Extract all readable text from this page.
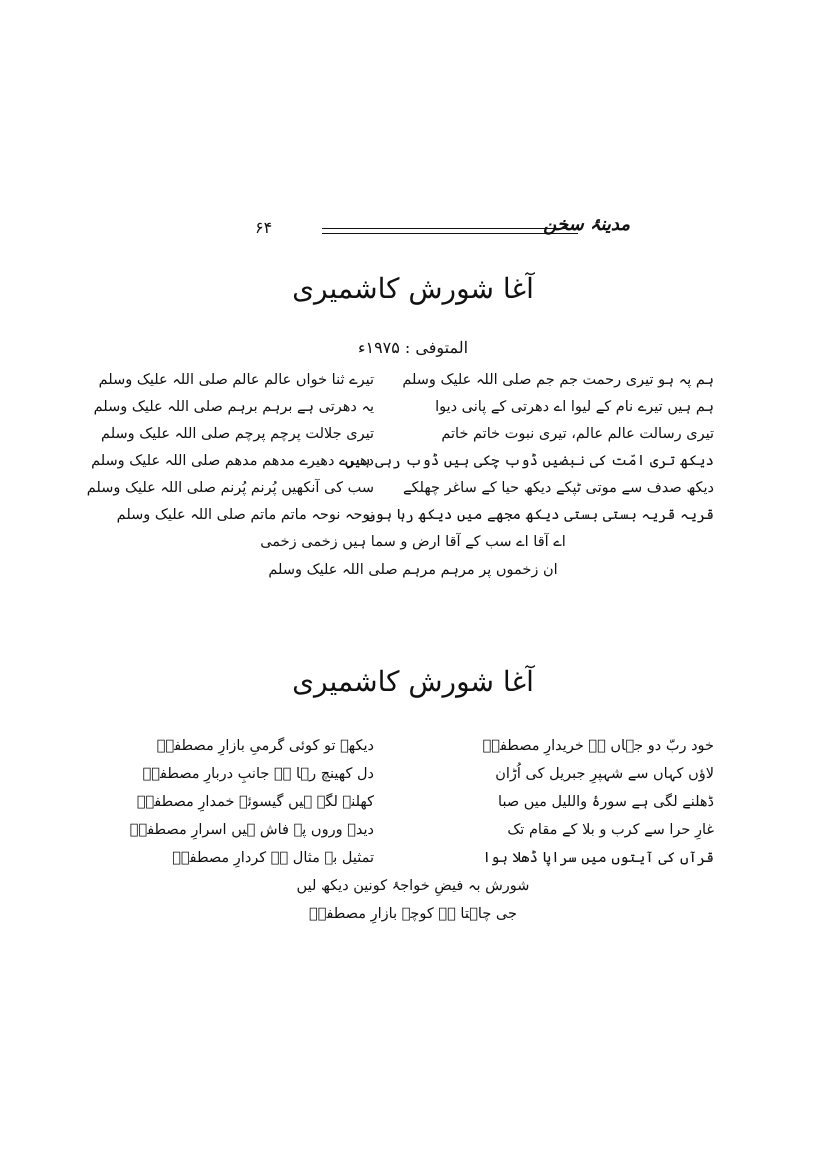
۶۴	مدینۂ سخن
آغا شورش کاشمیری
المتوفی : ۱۹۷۵ء
ہم پہ ہو تیری رحمت جم جم صلی اللہ علیک وسلم
تیرے ثنا خواں عالم عالم صلی اللہ علیک وسلم
ہم ہیں تیرے نام کے لیوا اے دھرتی کے پانی دیوا
یہ دھرتی ہے برہم برہم صلی اللہ علیک وسلم
تیری رسالت عالم عالم، تیری نبوت خاتم خاتم
تیری جلالت پرچم پرچم صلی اللہ علیک وسلم
دیکھ تری امّت کی نبضیں ڈوب چکی ہیں ڈوب رہی ہیں
دھیرے دھیرے مدھم مدھم صلی اللہ علیک وسلم
دیکھ صدف سے موتی ٹپکے دیکھ حیا کے ساغر چھلکے
سب کی آنکھیں پُرنم پُرنم صلی اللہ علیک وسلم
قریہ قریہ بستی بستی دیکھ مجھے میں دیکھ رہا ہوں
نوحہ نوحہ ماتم ماتم صلی اللہ علیک وسلم
اے آقا اے سب کے آقا ارض و سما ہیں زخمی زخمی
ان زخموں پر مرہم مرہم صلی اللہ علیک وسلم
آغا شورش کاشمیری
خود ربّ دو جہاں ہے خریدارِ مصطفیؐ
دیکھے تو کوئی گرمیِ بازارِ مصطفیؐ
لاؤں کہاں سے شہپرِ جبریل کی اُڑان
دل کھینچ رہا ہے جانبِ دربارِ مصطفیؐ
ڈھلنے لگی ہے سورۂ واللیل میں صبا
کھلنے لگے ہیں گیسوئے خمدارِ مصطفیؐ
غارِ حرا سے کرب و بلا کے مقام تک
دیدہ وروں پہ فاش ہیں اسرارِ مصطفیؐ
قرآں کی آیتوں میں سراپا ڈھلا ہوا
تمثیل بے مثال ہے کردارِ مصطفیؐ
شورش بہ فیضِ خواجۂ کونین دیکھ لیں
جی چاہتا ہے کوچۂ بازارِ مصطفیؐ
